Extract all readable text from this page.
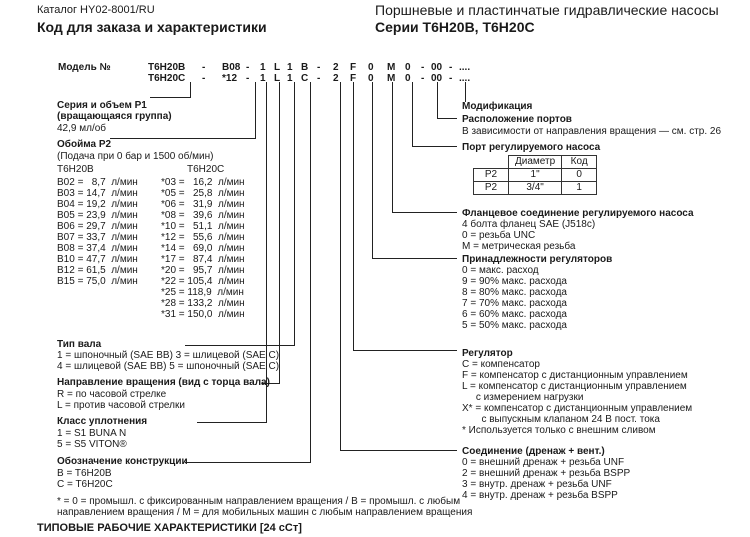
Каталог HY02-8001/RU
Код для заказа и характеристики
Поршневые и пластинчатые гидравлические насосы
Серии T6H20B, T6H20C
Модель №	T6H20B - B08 - 1 L 1 B - 2 F 0 M 0 - 00 - ....
T6H20C - *12 - 1 L 1 C - 2 F 0 M 0 - 00 - ....
Серия и объем P1
(вращающаяся группа)
42,9 мл/об
Обойма P2
(Подача при 0 бар и 1500 об/мин)
T6H20B	T6H20C
B02 =   8,7  л/мин
B03 = 14,7  л/мин
B04 = 19,2  л/мин
B05 = 23,9  л/мин
B06 = 29,7  л/мин
B07 = 33,7  л/мин
B08 = 37,4  л/мин
B10 = 47,7  л/мин
B12 = 61,5  л/мин
B15 = 75,0  л/мин
*03 =   16,2  л/мин
*05 =   25,8  л/мин
*06 =   31,9  л/мин
*08 =   39,6  л/мин
*10 =   51,1  л/мин
*12 =   55,6  л/мин
*14 =   69,0  л/мин
*17 =   87,4  л/мин
*20 =   95,7  л/мин
*22 = 105,4  л/мин
*25 = 118,9  л/мин
*28 = 133,2  л/мин
*31 = 150,0  л/мин
Тип вала
1 = шпоночный (SAE BB) 3 = шлицевой (SAE C)
4 = шлицевой (SAE BB) 5 = шпоночный (SAE C)
Направление вращения (вид с торца вала)
R = по часовой стрелке
L = против часовой стрелки
Класс уплотнения
1 = S1 BUNA N
5 = S5 VITON®
Обозначение конструкции
B = T6H20B
C = T6H20C
* = 0 = промышл. с фиксированным направлением вращения / B = промышл. с любым
направлением вращения / M = для мобильных машин с любым направлением вращения
ТИПОВЫЕ РАБОЧИЕ ХАРАКТЕРИСТИКИ [24 сСт]
Модификация
Расположение портов
В зависимости от направления вращения — см. стр. 26
Порт регулируемого насоса
	Диаметр	Код
P2	1"	0
P2	3/4"	1
Фланцевое соединение регулируемого насоса
4 болта фланец SAE (J518c)
0 = резьба UNC
M = метрическая резьба
Принадлежности регуляторов
0 = макс. расход
9 = 90% макс. расхода
8 = 80% макс. расхода
7 = 70% макс. расхода
6 = 60% макс. расхода
5 = 50% макс. расхода
Регулятор
C = компенсатор
F = компенсатор с дистанционным управлением
L = компенсатор с дистанционным управлением
с измерением нагрузки
X* = компенсатор с дистанционным управлением
с выпускным клапаном 24 В пост. тока
* Используется только с внешним сливом
Соединение (дренаж + вент.)
0 = внешний дренаж + резьба UNF
2 = внешний дренаж + резьба BSPP
3 = внутр. дренаж + резьба UNF
4 = внутр. дренаж + резьба BSPP
